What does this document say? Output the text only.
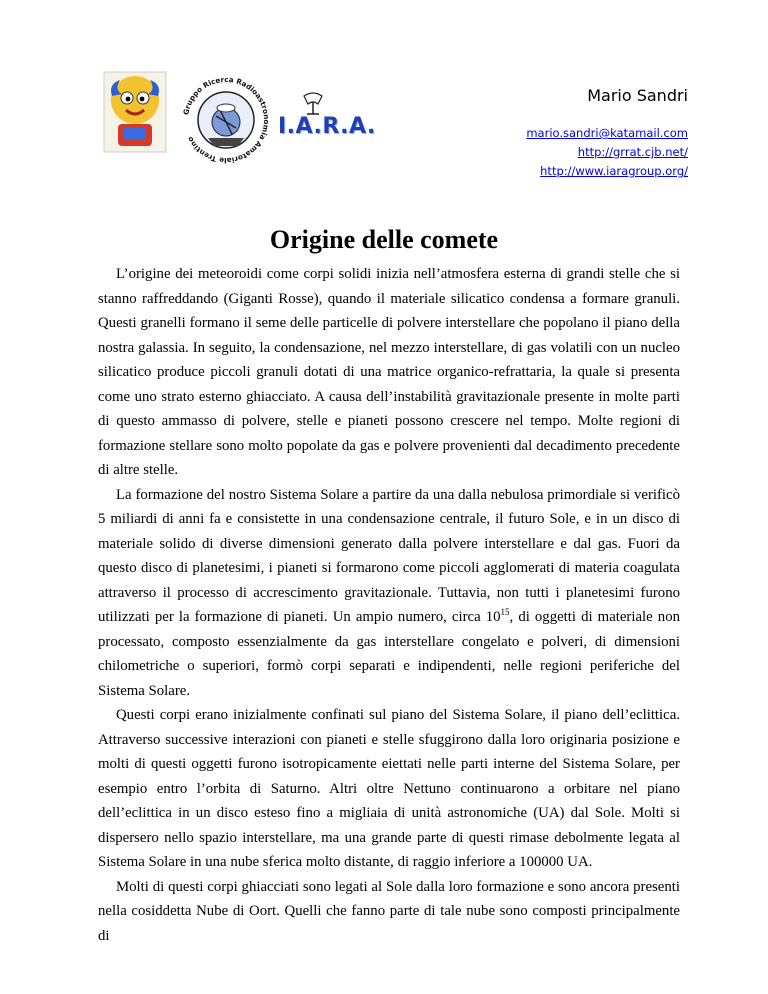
Gruppo Ricerca Radioastronomia Amatoriale Trentino
I.A.R.A.
Mario Sandri
mario.sandri@katamail.com
http://grrat.cjb.net/
http://www.iaragroup.org/
Origine delle comete

L’origine dei meteoroidi come corpi solidi inizia nell’atmosfera esterna di grandi stelle che si stanno raffreddando (Giganti Rosse), quando il materiale silicatico condensa a formare granuli. Questi granelli formano il seme delle particelle di polvere interstellare che popolano il piano della nostra galassia. In seguito, la condensazione, nel mezzo interstellare, di gas volatili con un nucleo silicatico produce piccoli granuli dotati di una matrice organico-refrattaria, la quale si presenta come uno strato esterno ghiacciato. A causa dell’instabilità gravitazionale presente in molte parti di questo ammasso di polvere, stelle e pianeti possono crescere nel tempo. Molte regioni di formazione stellare sono molto popolate da gas e polvere provenienti dal decadimento precedente di altre stelle.

La formazione del nostro Sistema Solare a partire da una dalla nebulosa primordiale si verificò 5 miliardi di anni fa e consistette in una condensazione centrale, il futuro Sole, e in un disco di materiale solido di diverse dimensioni generato dalla polvere interstellare e dal gas. Fuori da questo disco di planetesimi, i pianeti si formarono come piccoli agglomerati di materia coagulata attraverso il processo di accrescimento gravitazionale. Tuttavia, non tutti i planetesimi furono utilizzati per la formazione di pianeti. Un ampio numero, circa $10^{15}$, di oggetti di materiale non processato, composto essenzialmente da gas interstellare congelato e polveri, di dimensioni chilometriche o superiori, formò corpi separati e indipendenti, nelle regioni periferiche del Sistema Solare.

Questi corpi erano inizialmente confinati sul piano del Sistema Solare, il piano dell’eclittica. Attraverso successive interazioni con pianeti e stelle sfuggirono dalla loro originaria posizione e molti di questi oggetti furono isotropicamente eiettati nelle parti interne del Sistema Solare, per esempio entro l’orbita di Saturno. Altri oltre Nettuno continuarono a orbitare nel piano dell’eclittica in un disco esteso fino a migliaia di unità astronomiche (UA) dal Sole. Molti si dispersero nello spazio interstellare, ma una grande parte di questi rimase debolmente legata al Sistema Solare in una nube sferica molto distante, di raggio inferiore a 100000 UA.

Molti di questi corpi ghiacciati sono legati al Sole dalla loro formazione e sono ancora presenti nella cosiddetta Nube di Oort. Quelli che fanno parte di tale nube sono composti principalmente di
